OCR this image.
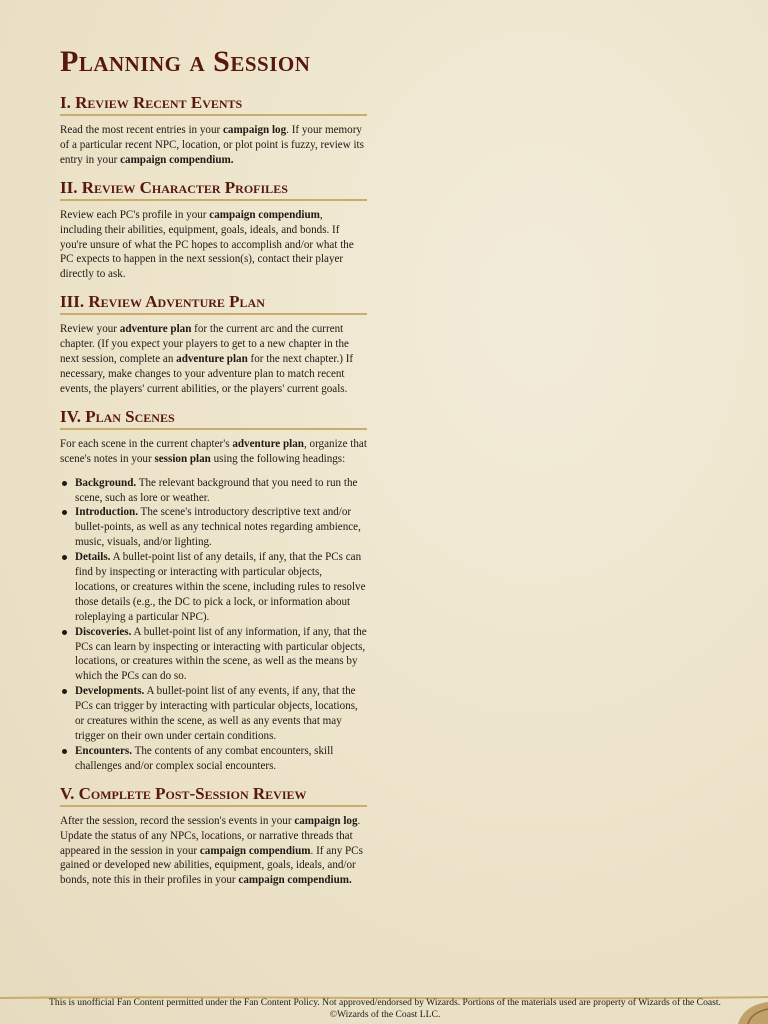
Planning a Session
I. Review Recent Events

Read the most recent entries in your campaign log. If your memory of a particular recent NPC, location, or plot point is fuzzy, review its entry in your campaign compendium.

II. Review Character Profiles

Review each PC's profile in your campaign compendium, including their abilities, equipment, goals, ideals, and bonds. If you're unsure of what the PC hopes to accomplish and/or what the PC expects to happen in the next session(s), contact their player directly to ask.

III. Review Adventure Plan

Review your adventure plan for the current arc and the current chapter. (If you expect your players to get to a new chapter in the next session, complete an adventure plan for the next chapter.) If necessary, make changes to your adventure plan to match recent events, the players' current abilities, or the players' current goals.

IV. Plan Scenes

For each scene in the current chapter's adventure plan, organize that scene's notes in your session plan using the following headings:

Background. The relevant background that you need to run the scene, such as lore or weather.
Introduction. The scene's introductory descriptive text and/or bullet-points, as well as any technical notes regarding ambience, music, visuals, and/or lighting.
Details. A bullet-point list of any details, if any, that the PCs can find by inspecting or interacting with particular objects, locations, or creatures within the scene, including rules to resolve those details (e.g., the DC to pick a lock, or information about roleplaying a particular NPC).
Discoveries. A bullet-point list of any information, if any, that the PCs can learn by inspecting or interacting with particular objects, locations, or creatures within the scene, as well as the means by which the PCs can do so.
Developments. A bullet-point list of any events, if any, that the PCs can trigger by interacting with particular objects, locations, or creatures within the scene, as well as any events that may trigger on their own under certain conditions.
Encounters. The contents of any combat encounters, skill challenges and/or complex social encounters.
V. Complete Post-Session Review

After the session, record the session's events in your campaign log. Update the status of any NPCs, locations, or narrative threads that appeared in the session in your campaign compendium. If any PCs gained or developed new abilities, equipment, goals, ideals, and/or bonds, note this in their profiles in your campaign compendium.

This is unofficial Fan Content permitted under the Fan Content Policy. Not approved/endorsed by Wizards. Portions of the materials used are property of Wizards of the Coast. ©Wizards of the Coast LLC.
